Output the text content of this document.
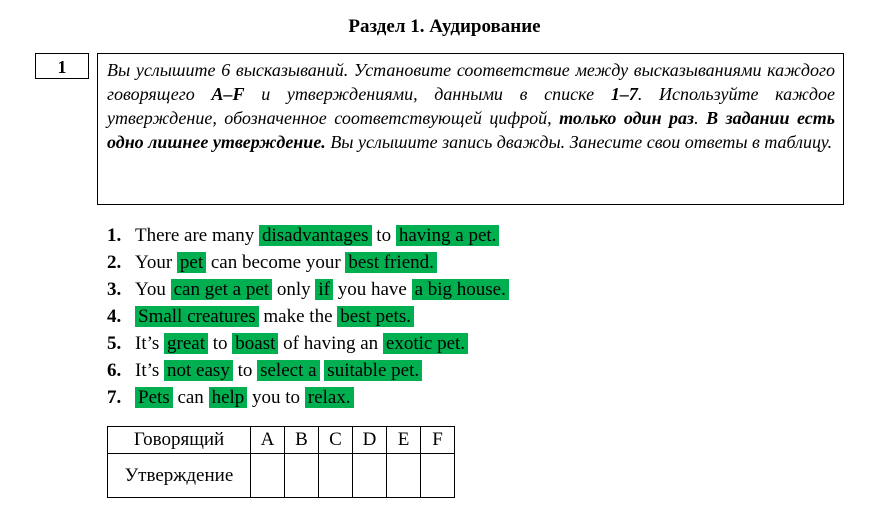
Раздел 1. Аудирование
1	Вы услышите 6 высказываний. Установите соответствие между высказываниями каждого говорящего A–F и утверждениями, данными в списке 1–7. Используйте каждое утверждение, обозначенное соответствующей цифрой, только один раз. В задании есть одно лишнее утверждение. Вы услышите запись дважды. Занесите свои ответы в таблицу.
1. There are many disadvantages to having a pet.
2. Your pet can become your best friend.
3. You can get a pet only if you have a big house.
4. Small creatures make the best pets.
5. It’s great to boast of having an exotic pet.
6. It’s not easy to select a suitable pet.
7. Pets can help you to relax.
Говорящий	A	B	C	D	E	F
Утверждение						
